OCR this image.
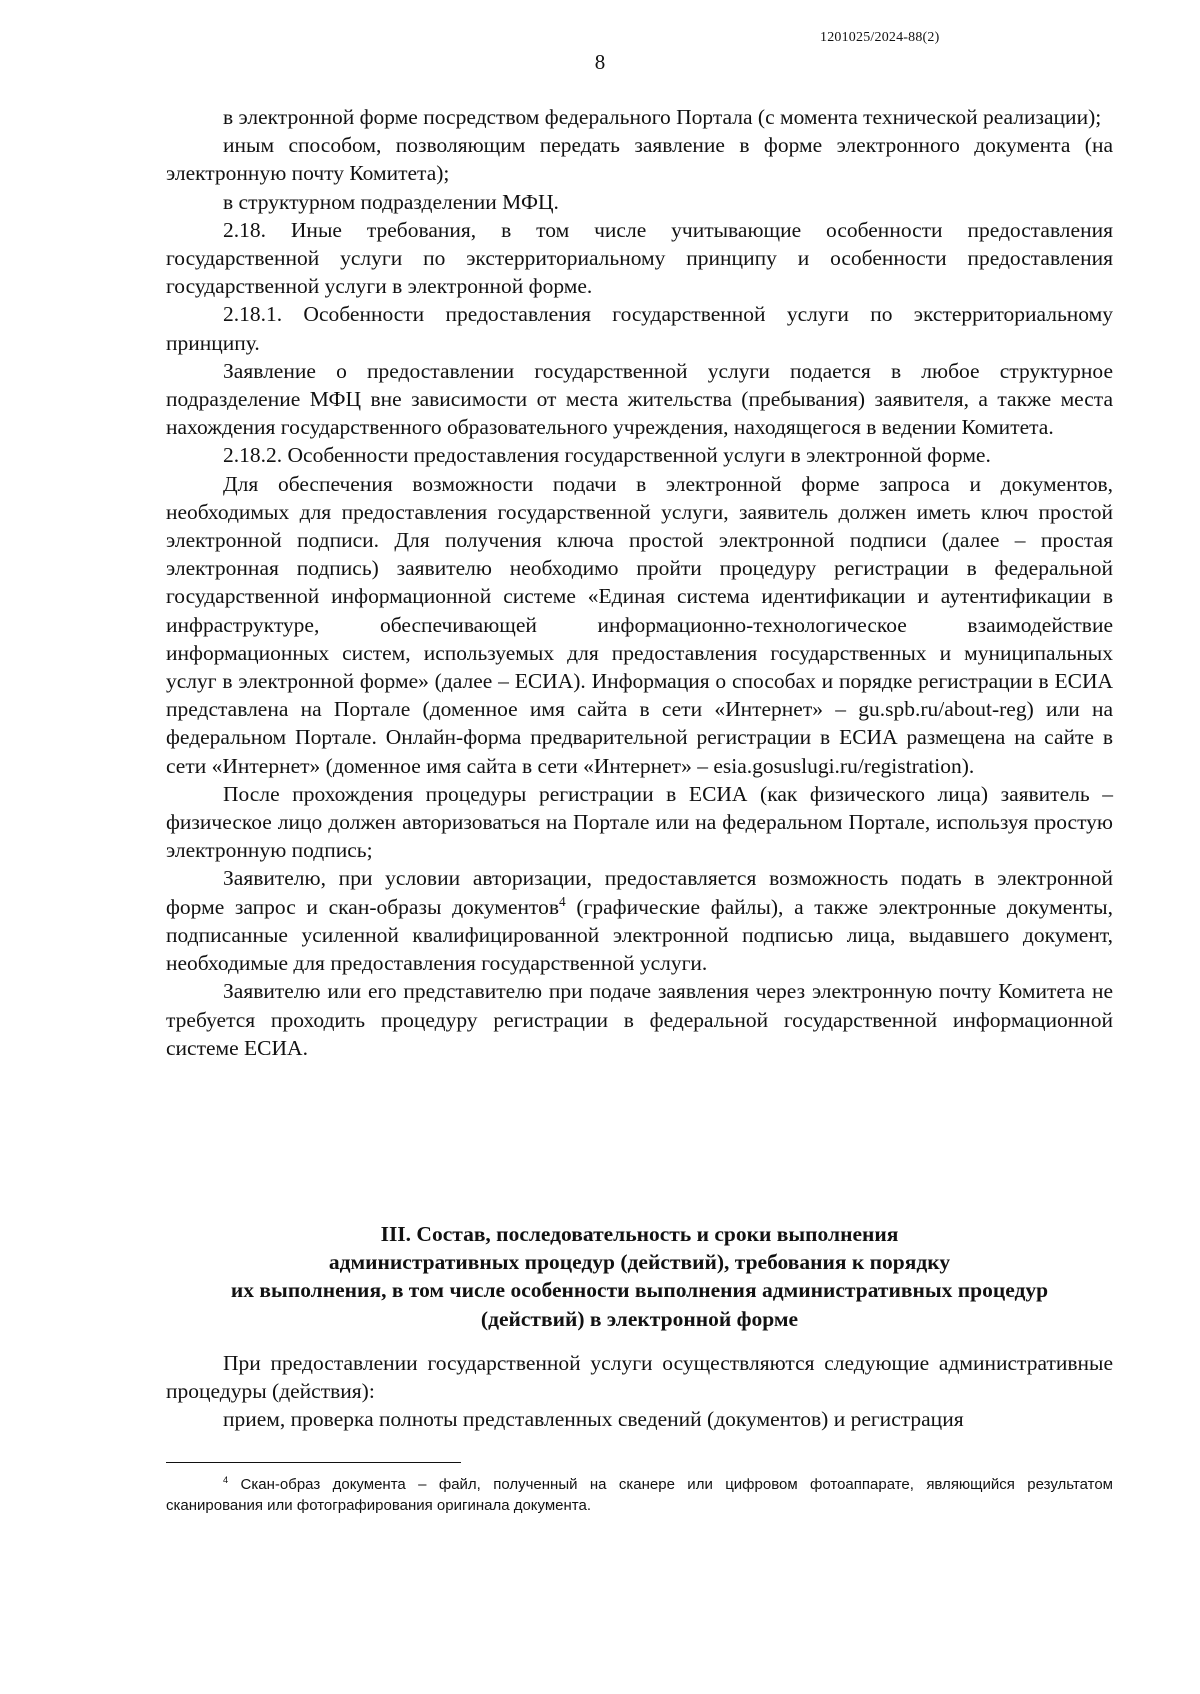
1201025/2024-88(2)
8

в электронной форме посредством федерального Портала (с момента технической реализации);

иным способом, позволяющим передать заявление в форме электронного документа (на электронную почту Комитета);

в структурном подразделении МФЦ.

2.18. Иные требования, в том числе учитывающие особенности предоставления государственной услуги по экстерриториальному принципу и особенности предоставления государственной услуги в электронной форме.

2.18.1. Особенности предоставления государственной услуги по экстерриториальному принципу.

Заявление о предоставлении государственной услуги подается в любое структурное подразделение МФЦ вне зависимости от места жительства (пребывания) заявителя, а также места нахождения государственного образовательного учреждения, находящегося в ведении Комитета.

2.18.2. Особенности предоставления государственной услуги в электронной форме.

Для обеспечения возможности подачи в электронной форме запроса и документов, необходимых для предоставления государственной услуги, заявитель должен иметь ключ простой электронной подписи. Для получения ключа простой электронной подписи (далее – простая электронная подпись) заявителю необходимо пройти процедуру регистрации в федеральной государственной информационной системе «Единая система идентификации и аутентификации в инфраструктуре, обеспечивающей информационно-технологическое взаимодействие информационных систем, используемых для предоставления государственных и муниципальных услуг в электронной форме» (далее – ЕСИА). Информация о способах и порядке регистрации в ЕСИА представлена на Портале (доменное имя сайта в сети «Интернет» – gu.spb.ru/about-reg) или на федеральном Портале. Онлайн-форма предварительной регистрации в ЕСИА размещена на сайте в сети «Интернет» (доменное имя сайта в сети «Интернет» – esia.gosuslugi.ru/registration).

После прохождения процедуры регистрации в ЕСИА (как физического лица) заявитель – физическое лицо должен авторизоваться на Портале или на федеральном Портале, используя простую электронную подпись;

Заявителю, при условии авторизации, предоставляется возможность подать в электронной форме запрос и скан-образы документов$^4$ (графические файлы), а также электронные документы, подписанные усиленной квалифицированной электронной подписью лица, выдавшего документ, необходимые для предоставления государственной услуги.

Заявителю или его представителю при подаче заявления через электронную почту Комитета не требуется проходить процедуру регистрации в федеральной государственной информационной системе ЕСИА.

III. Состав, последовательность и сроки выполнения
административных процедур (действий), требования к порядку
их выполнения, в том числе особенности выполнения административных процедур
(действий) в электронной форме

При предоставлении государственной услуги осуществляются следующие административные процедуры (действия):

прием, проверка полноты представленных сведений (документов) и регистрация

$^4$ Скан-образ документа – файл, полученный на сканере или цифровом фотоаппарате, являющийся результатом сканирования или фотографирования оригинала документа.
